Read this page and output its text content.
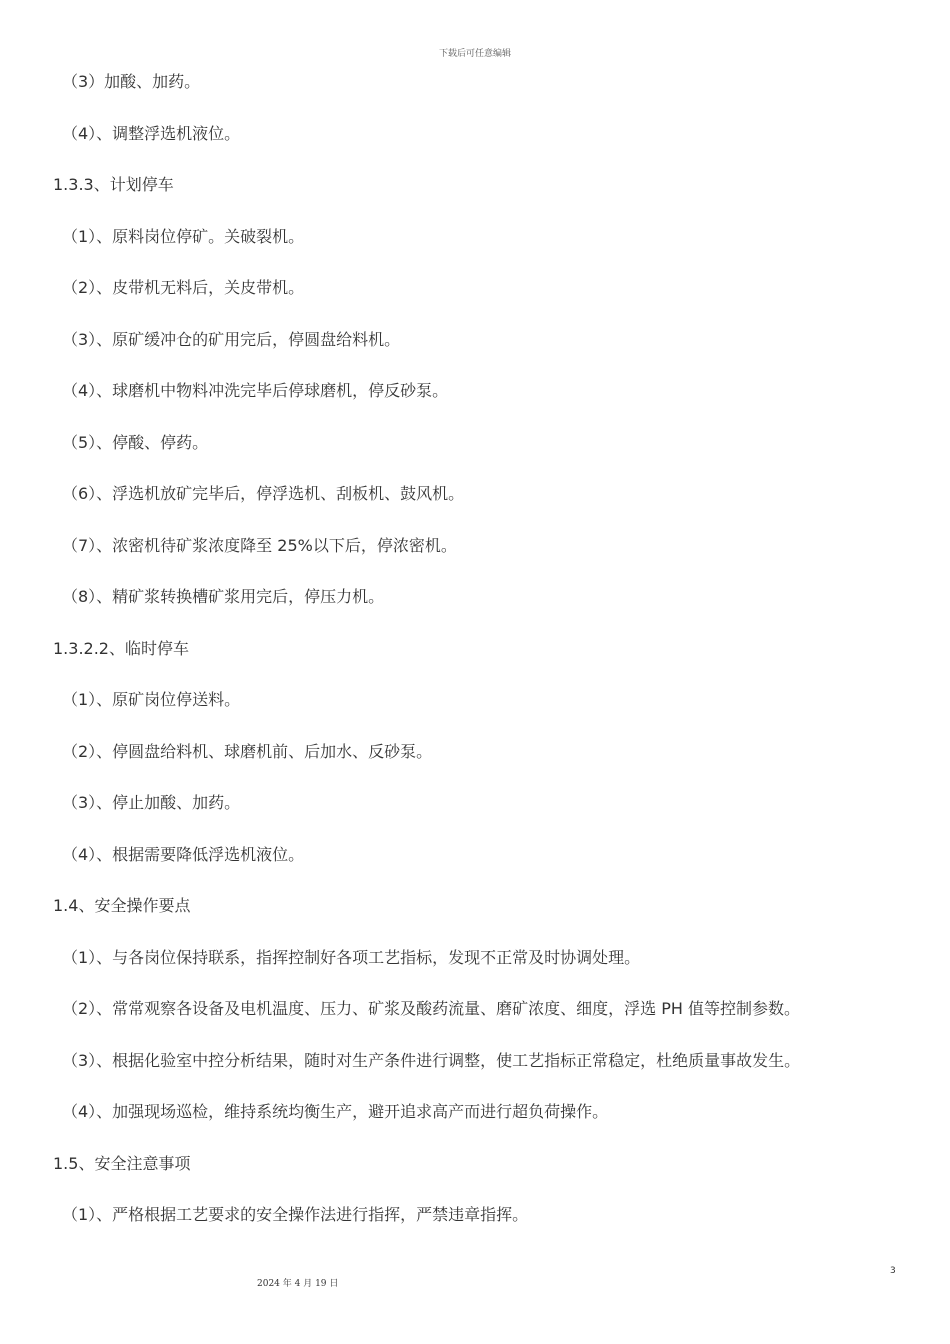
下载后可任意编辑
（3）加酸、加药。
（4）、调整浮选机液位。
1.3.3、计划停车
（1）、原料岗位停矿。关破裂机。
（2）、皮带机无料后，关皮带机。
（3）、原矿缓冲仓的矿用完后，停圆盘给料机。
（4）、球磨机中物料冲洗完毕后停球磨机，停反砂泵。
（5）、停酸、停药。
（6）、浮选机放矿完毕后，停浮选机、刮板机、鼓风机。
（7）、浓密机待矿浆浓度降至 25%以下后，停浓密机。
（8）、精矿浆转换槽矿浆用完后，停压力机。
1.3.2.2、临时停车
（1）、原矿岗位停送料。
（2）、停圆盘给料机、球磨机前、后加水、反砂泵。
（3）、停止加酸、加药。
（4）、根据需要降低浮选机液位。
1.4、安全操作要点
（1）、与各岗位保持联系，指挥控制好各项工艺指标，发现不正常及时协调处理。
（2）、常常观察各设备及电机温度、压力、矿浆及酸药流量、磨矿浓度、细度，浮选 PH 值等控制参数。
（3）、根据化验室中控分析结果，随时对生产条件进行调整，使工艺指标正常稳定，杜绝质量事故发生。
（4）、加强现场巡检，维持系统均衡生产，避开追求高产而进行超负荷操作。
1.5、安全注意事项
（1）、严格根据工艺要求的安全操作法进行指挥，严禁违章指挥。
3
2024 年 4 月 19 日
